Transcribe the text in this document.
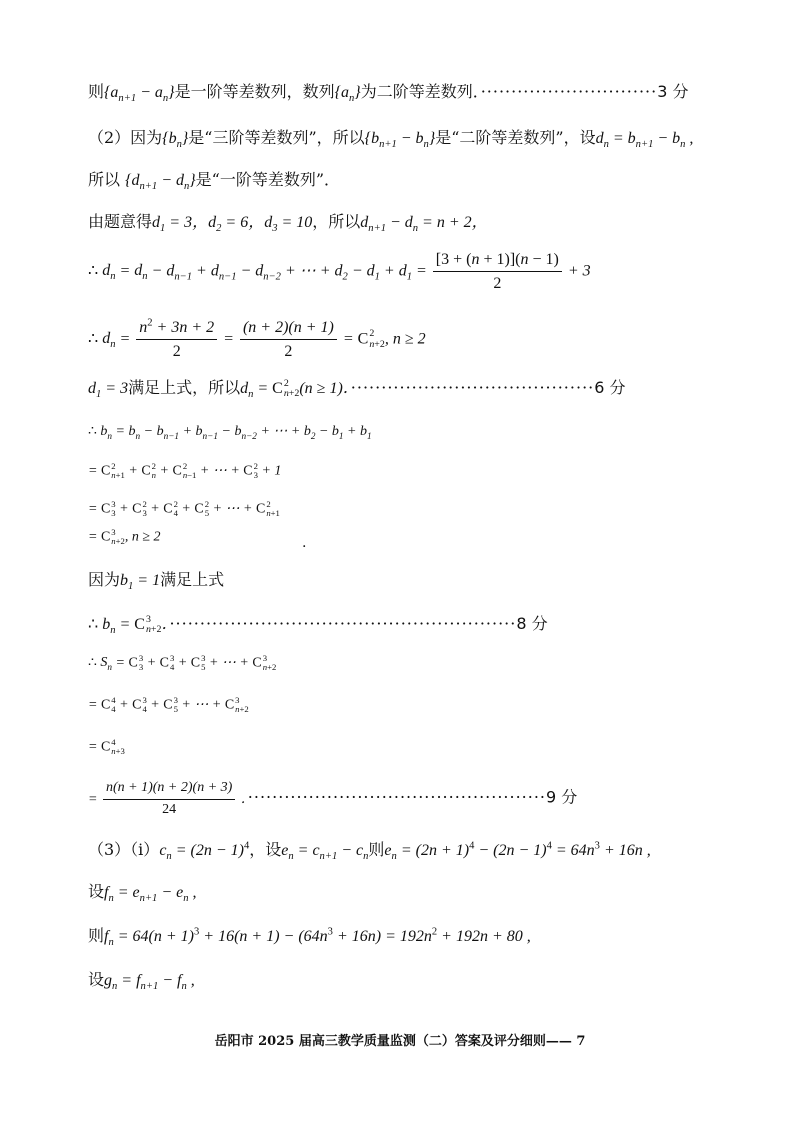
则$\{a_{n+1} - a_n\}$是一阶等差数列，数列$\{a_n\}$为二阶等差数列．·····························3 分
（2）因为$\{b_n\}$是“三阶等差数列”，所以$\{b_{n+1} - b_n\}$是“二阶等差数列”，设$d_n = b_{n+1} - b_n$ ,
所以 $\{d_{n+1} - d_n\}$是“一阶等差数列”．
由题意得$d_1 = 3$，$d_2 = 6$，$d_3 = 10$，所以$d_{n+1} - d_n = n + 2$，
∴ $d_n = d_n - d_{n-1} + d_{n-1} - d_{n-2}$ + ⋯ + $d_2 - d_1 + d_1 = \frac{[3 + (n + 1)](n - 1)}{2} + 3$
∴ $d_n = \frac{n^2 + 3n + 2}{2} = \frac{(n + 2)(n + 1)}{2} = C$ 2
n+2 , n ≥ 2
$d_1 = 3$满足上式，所以$d_n = C$ 2
n+2 (n ≥ 1)．········································6 分
∴ $b_n = b_n - b_{n-1} + b_{n-1} - b_{n-2}$ + ⋯ + $b_2 - b_1 + b_1$
= C 2
n+1 + C 2
n + C 2
n−1 + ⋯ + C 2
3 + 1
= C 3
3 + C 2
3 + C 2
4 + C 2
5 + ⋯ + C 2
n+1
= C 3
n+2 , n ≥ 2	.
因为$b_1 = 1$满足上式
∴ $b_n = C$ 3
n+2 ．·························································8 分
∴ $S_n = C$ 3
3 + C 3
4 + C 3
5 + ⋯ + C 3
n+2
= C 4
4 + C 3
4 + C 3
5 + ⋯ + C 3
n+2
= C 4
n+3
= $\frac{n(n + 1)(n + 2)(n + 3)}{24}$ ．·················································9 分
$(3)(ⅰ)c_n = (2n - 1)^4$，设$e_n = c_{n+1} - c_n$则$e_n = (2n + 1)^4 - (2n - 1)^4 = 64n^3 + 16n$ ,
设$f_n = e_{n+1} - e_n$ ,
则$f_n = 64(n + 1)^3 + 16(n + 1) - (64n^3 + 16n) = 192n^2 + 192n + 80$ ,
设$g_n = f_{n+1} - f_n$ ,
岳阳市 2025 届高三教学质量监测（二）答案及评分细则—— 7
